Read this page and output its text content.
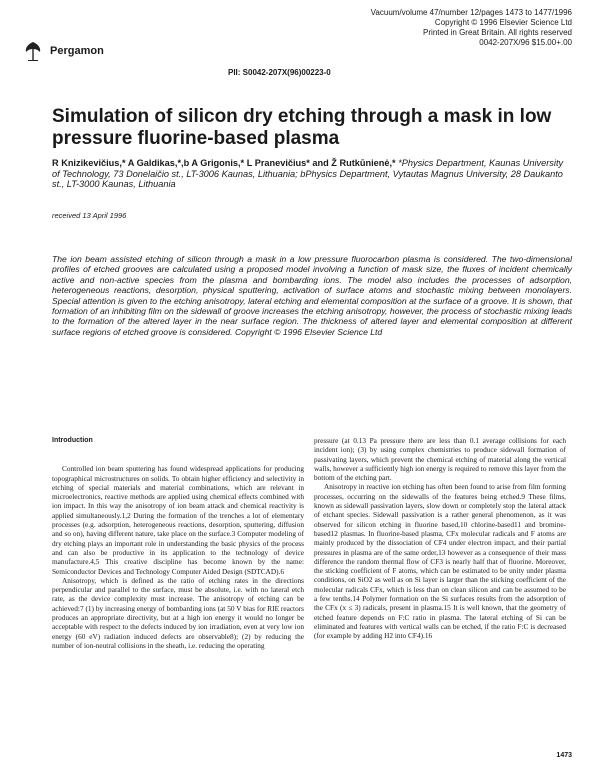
Pergamon
Vacuum/volume 47/number 12/pages 1473 to 1477/1996
Copyright © 1996 Elsevier Science Ltd
Printed in Great Britain. All rights reserved
0042-207X/96 $15.00+.00
PII: S0042-207X(96)00223-0
Simulation of silicon dry etching through a mask in low pressure fluorine-based plasma
R Knizikevičius,* A Galdikas,*,b A Grigonis,* L Pranevičius* and Ž Rutkūnienė,* *Physics Department, Kaunas University of Technology, 73 Donelaičio st., LT-3006 Kaunas, Lithuania; bPhysics Department, Vytautas Magnus University, 28 Daukanto st., LT-3000 Kaunas, Lithuania
received 13 April 1996
The ion beam assisted etching of silicon through a mask in a low pressure fluorocarbon plasma is considered. The two-dimensional profiles of etched grooves are calculated using a proposed model involving a function of mask size, the fluxes of incident chemically active and non-active species from the plasma and bombarding ions. The model also includes the processes of adsorption, heterogeneous reactions, desorption, physical sputtering, activation of surface atoms and stochastic mixing between monolayers. Special attention is given to the etching anisotropy, lateral etching and elemental composition at the surface of a groove. It is shown, that formation of an inhibiting film on the sidewall of groove increases the etching anisotropy, however, the process of stochastic mixing leads to the formation of the altered layer in the near surface region. The thickness of altered layer and elemental composition at different surface regions of etched groove is considered. Copyright © 1996 Elsevier Science Ltd

Introduction

Controlled ion beam sputtering has found widespread applications for producing topographical microstructures on solids. To obtain higher efficiency and selectivity in etching of special materials and material combinations, which are relevant in microelectronics, reactive methods are applied using chemical effects combined with ion impact. In this way the anisotropy of ion beam attack and chemical reactivity is applied simultaneously.1,2 During the formation of the trenches a lot of elementary processes (e.g. adsorption, heterogeneous reactions, desorption, sputtering, diffusion and so on), having different nature, take place on the surface.3 Computer modeling of dry etching plays an important role in understanding the basic physics of the process and can also be productive in its application to the technology of device manufacture.4,5 This creative discipline has become known by the name: Semiconductor Devices and Technology Computer Aided Design (SDTCAD).6

Anisotropy, which is defined as the ratio of etching rates in the directions perpendicular and parallel to the surface, must be absolute, i.e. with no lateral etch rate, as the device complexity must increase. The anisotropy of etching can be achieved:7 (1) by increasing energy of bombarding ions (at 50 V bias for RIE reactors produces an appropriate directivity, but at a high ion energy it would no longer be acceptable with respect to the defects induced by ion irradiation, even at very low ion energy (60 eV) radiation induced defects are observable8); (2) by reducing the number of ion-neutral collisions in the sheath, i.e. reducing the operating

pressure (at 0.13 Pa pressure there are less than 0.1 average collisions for each incident ion); (3) by using complex chemistries to produce sidewall formation of passivating layers, which prevent the chemical etching of material along the vertical walls, however a sufficiently high ion energy is required to remove this layer from the bottom of the etching part.

Anisotropy in reactive ion etching has often been found to arise from film forming processes, occurring on the sidewalls of the features being etched.9 These films, known as sidewall passivation layers, slow down or completely stop the lateral attack of etchant species. Sidewall passivation is a rather general phenomenon, as it was observed for silicon etching in fluorine based,10 chlorine-based11 and bromine-based12 plasmas. In fluorine-based plasma, CFx molecular radicals and F atoms are mainly produced by the dissociation of CF4 under electron impact, and their partial pressures in plasma are of the same order,13 however as a consequence of their mass difference the random thermal flow of CF3 is nearly half that of fluorine. Moreover, the sticking coefficient of F atoms, which can be estimated to be unity under plasma conditions, on SiO2 as well as on Si layer is larger than the sticking coefficient of the molecular radicals CFx, which is less than on clean silicon and can be assumed to be a few tenths.14 Polymer formation on the Si surfaces results from the adsorption of the CFx (x ≤ 3) radicals, present in plasma.15 It is well known, that the geometry of etched feature depends on F:C ratio in plasma. The lateral etching of Si can be eliminated and features with vertical walls can be etched, if the ratio F:C is decreased (for example by adding H2 into CF4).16

1473
